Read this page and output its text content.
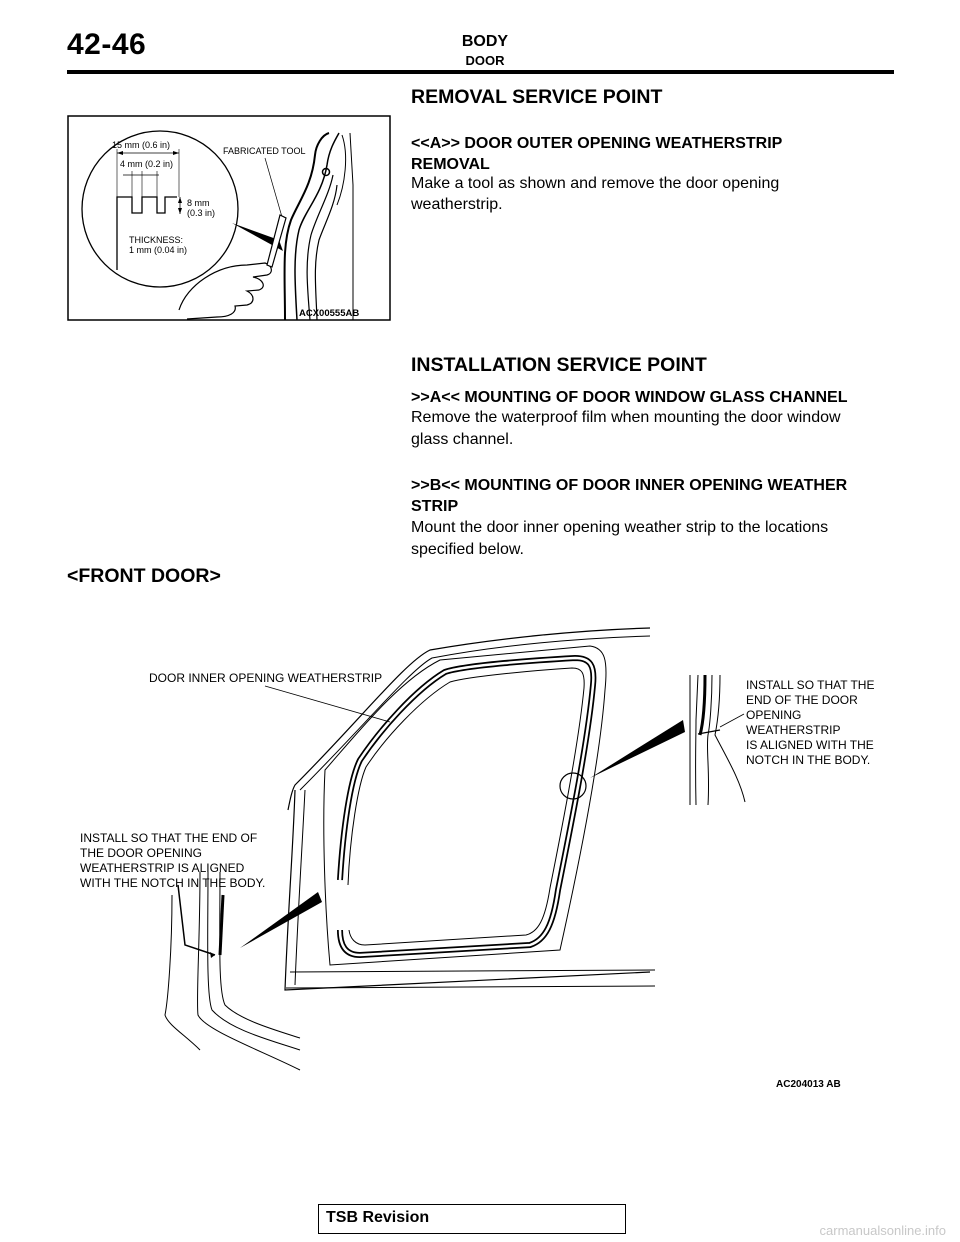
42-46	BODY
DOOR
REMOVAL SERVICE POINT
<<A>> DOOR OUTER OPENING WEATHERSTRIP
REMOVAL
Make a tool as shown and remove the door opening
weatherstrip.
15 mm (0.6 in)
4 mm (0.2 in)
8 mm
(0.3 in)
THICKNESS:
1 mm (0.04 in)
FABRICATED TOOL
ACX00555AB
INSTALLATION SERVICE POINT
>>A<< MOUNTING OF DOOR WINDOW GLASS CHANNEL
Remove the waterproof film when mounting the door window
glass channel.
>>B<< MOUNTING OF DOOR INNER OPENING WEATHER
STRIP
Mount the door inner opening weather strip to the locations
specified below.
<FRONT DOOR>
DOOR INNER OPENING WEATHERSTRIP	INSTALL SO THAT THE END OF THE DOOR OPENING WEATHERSTRIP IS ALIGNED WITH THE NOTCH IN THE BODY.
INSTALL SO THAT THE END OF THE DOOR OPENING WEATHERSTRIP IS ALIGNED WITH THE NOTCH IN THE BODY.
AC204013 AB
TSB Revision
carmanualsonline.info
